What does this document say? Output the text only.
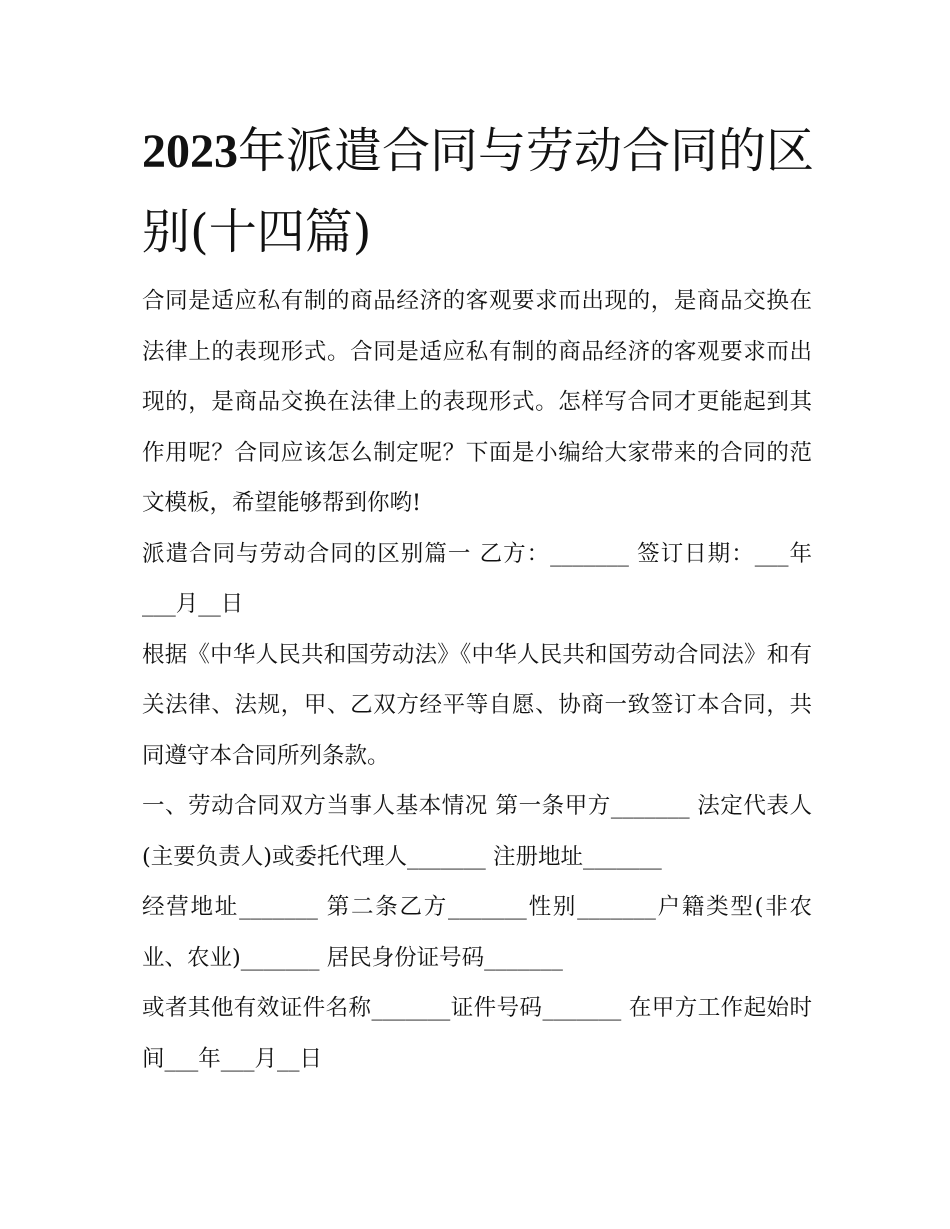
2023年派遣合同与劳动合同的区别(十四篇)

合同是适应私有制的商品经济的客观要求而出现的，是商品交换在法律上的表现形式。合同是适应私有制的商品经济的客观要求而出现的，是商品交换在法律上的表现形式。怎样写合同才更能起到其作用呢？合同应该怎么制定呢？下面是小编给大家带来的合同的范文模板，希望能够帮到你哟!

派遣合同与劳动合同的区别篇一 乙方：_______ 签订日期：___年___月__日

根据《中华人民共和国劳动法》《中华人民共和国劳动合同法》和有关法律、法规，甲、乙双方经平等自愿、协商一致签订本合同，共同遵守本合同所列条款。

一、劳动合同双方当事人基本情况 第一条甲方_______ 法定代表人(主要负责人)或委托代理人_______ 注册地址_______

经营地址_______ 第二条乙方_______性别_______户籍类型(非农业、农业)_______ 居民身份证号码_______

或者其他有效证件名称_______证件号码_______ 在甲方工作起始时间___年___月__日
